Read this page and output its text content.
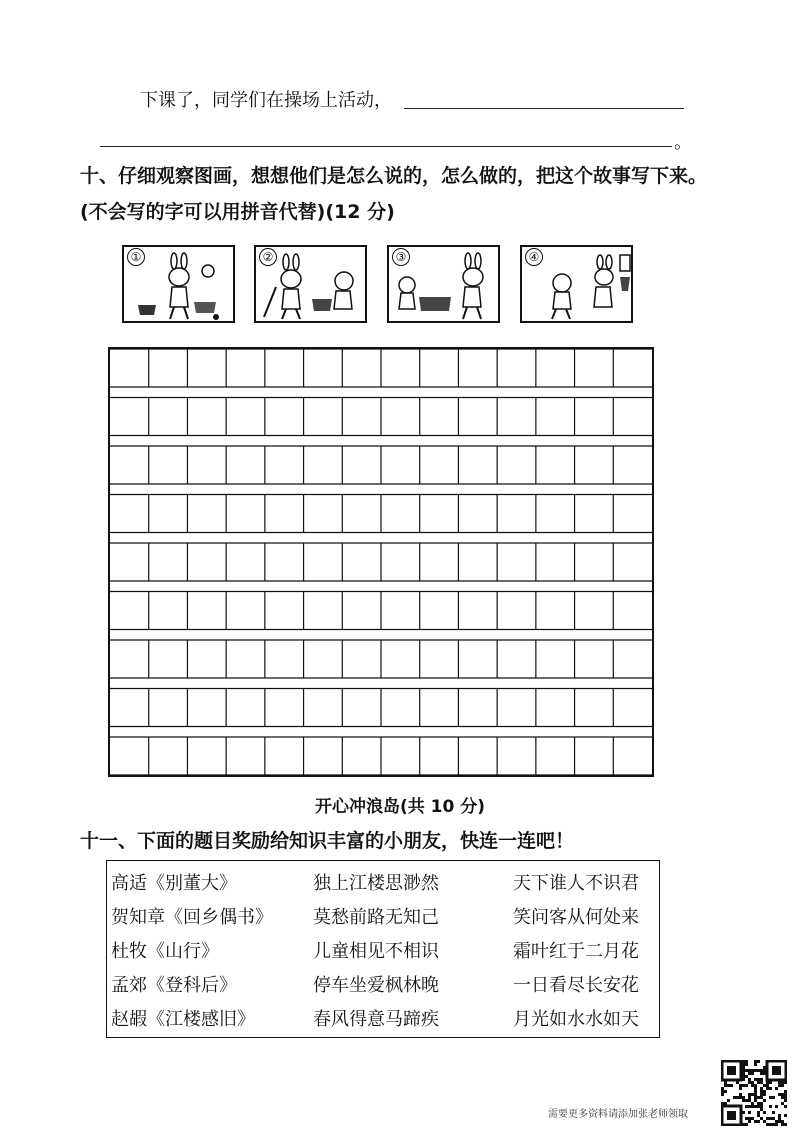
下课了，同学们在操场上活动，
。
十、仔细观察图画，想想他们是怎么说的，怎么做的，把这个故事写下来。(不会写的字可以用拼音代替)(12 分)
①	②	③	④
开心冲浪岛(共 10 分)
十一、下面的题目奖励给知识丰富的小朋友，快连一连吧！
高适《别董大》	独上江楼思渺然	天下谁人不识君
贺知章《回乡偶书》 莫愁前路无知己	笑问客从何处来
杜牧《山行》	儿童相见不相识	霜叶红于二月花
孟郊《登科后》	停车坐爱枫林晚	一日看尽长安花
赵嘏《江楼感旧》	春风得意马蹄疾	月光如水水如天
需要更多资料请添加张老师领取
